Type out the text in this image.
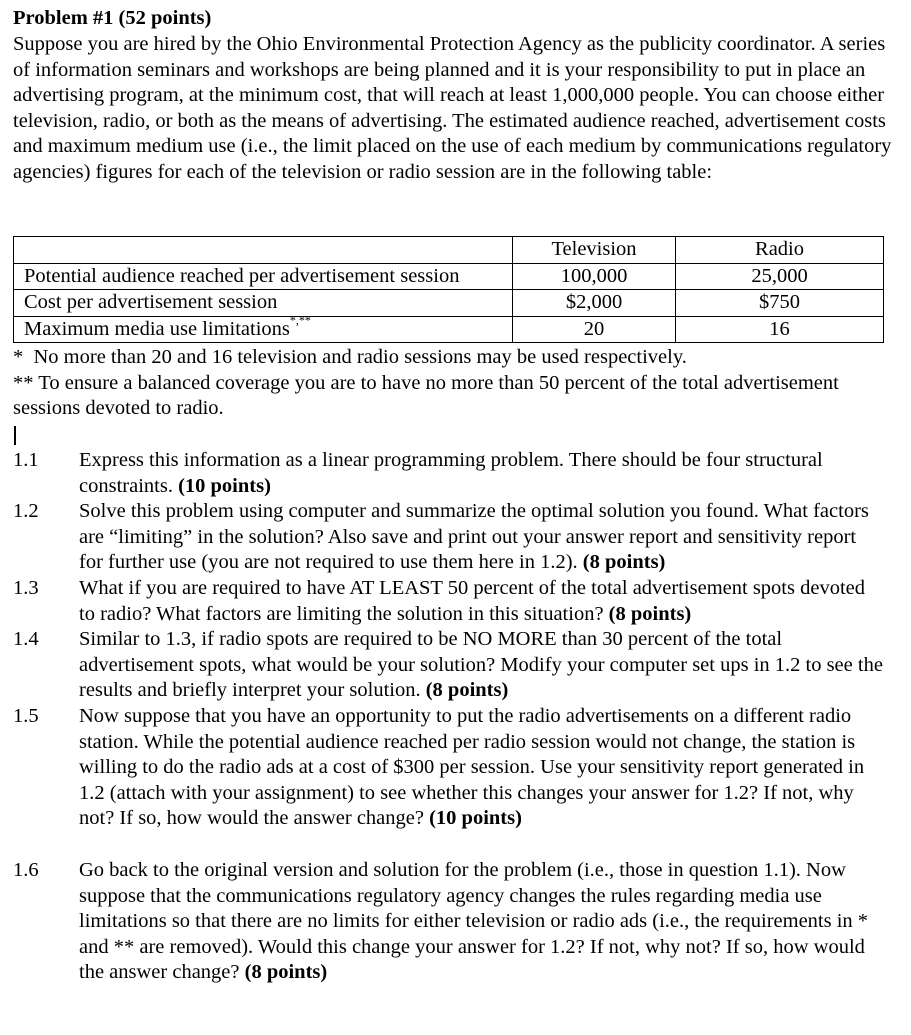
Problem #1 (52 points)

Suppose you are hired by the Ohio Environmental Protection Agency as the publicity coordinator. A series of information seminars and workshops are being planned and it is your responsibility to put in place an advertising program, at the minimum cost, that will reach at least 1,000,000 people. You can choose either television, radio, or both as the means of advertising. The estimated audience reached, advertisement costs and maximum medium use (i.e., the limit placed on the use of each medium by communications regulatory agencies) figures for each of the television or radio session are in the following table:

	Television	Radio
Potential audience reached per advertisement session	100,000	25,000
Cost per advertisement session	$2,000	$750
Maximum media use limitations*,**	20	16
*  No more than 20 and 16 television and radio sessions may be used respectively.
** To ensure a balanced coverage you are to have no more than 50 percent of the total advertisement sessions devoted to radio.
1.1 Express this information as a linear programming problem. There should be four structural constraints. (10 points)
1.2 Solve this problem using computer and summarize the optimal solution you found. What factors are “limiting” in the solution? Also save and print out your answer report and sensitivity report for further use (you are not required to use them here in 1.2). (8 points)
1.3 What if you are required to have AT LEAST 50 percent of the total advertisement spots devoted to radio? What factors are limiting the solution in this situation? (8 points)
1.4 Similar to 1.3, if radio spots are required to be NO MORE than 30 percent of the total advertisement spots, what would be your solution? Modify your computer set ups in 1.2 to see the results and briefly interpret your solution. (8 points)
1.5 Now suppose that you have an opportunity to put the radio advertisements on a different radio station. While the potential audience reached per radio session would not change, the station is willing to do the radio ads at a cost of $300 per session. Use your sensitivity report generated in 1.2 (attach with your assignment) to see whether this changes your answer for 1.2? If not, why not? If so, how would the answer change? (10 points)
1.6 Go back to the original version and solution for the problem (i.e., those in question 1.1). Now suppose that the communications regulatory agency changes the rules regarding media use limitations so that there are no limits for either television or radio ads (i.e., the requirements in * and ** are removed). Would this change your answer for 1.2? If not, why not? If so, how would the answer change? (8 points)
